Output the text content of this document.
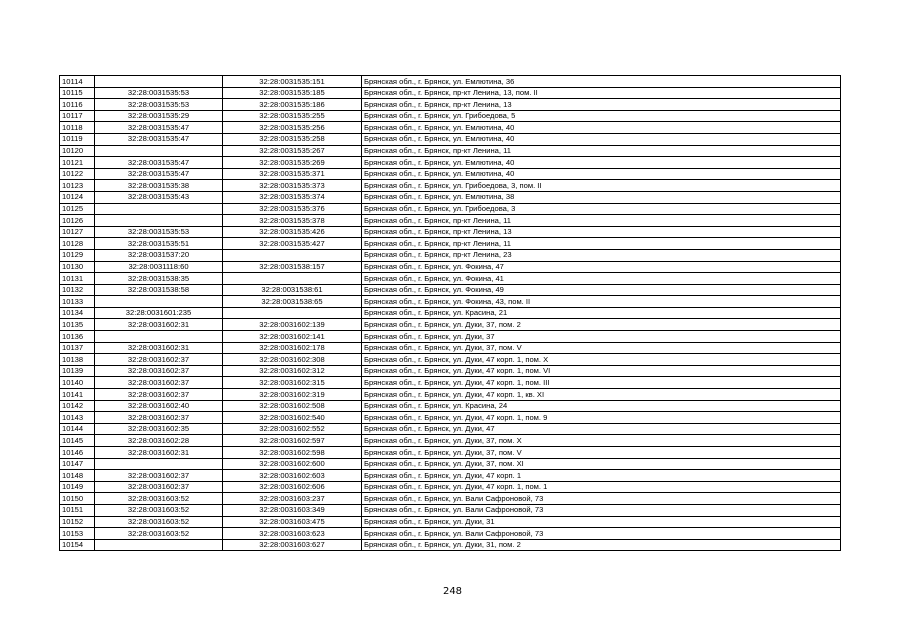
10114		32:28:0031535:151	Брянская обл., г. Брянск, ул. Емлютина, 36
10115	32:28:0031535:53	32:28:0031535:185	Брянская обл., г. Брянск, пр-кт Ленина, 13, пом. II
10116	32:28:0031535:53	32:28:0031535:186	Брянская обл., г. Брянск, пр-кт Ленина, 13
10117	32:28:0031535:29	32:28:0031535:255	Брянская обл., г. Брянск, ул. Грибоедова, 5
10118	32:28:0031535:47	32:28:0031535:256	Брянская обл., г. Брянск, ул. Емлютина, 40
10119	32:28:0031535:47	32:28:0031535:258	Брянская обл., г. Брянск, ул. Емлютина, 40
10120		32:28:0031535:267	Брянская обл., г. Брянск, пр-кт Ленина, 11
10121	32:28:0031535:47	32:28:0031535:269	Брянская обл., г. Брянск, ул. Емлютина, 40
10122	32:28:0031535:47	32:28:0031535:371	Брянская обл., г. Брянск, ул. Емлютина, 40
10123	32:28:0031535:38	32:28:0031535:373	Брянская обл., г. Брянск, ул. Грибоедова, 3, пом. II
10124	32:28:0031535:43	32:28:0031535:374	Брянская обл., г. Брянск, ул. Емлютина, 38
10125		32:28:0031535:376	Брянская обл., г. Брянск, ул. Грибоедова, 3
10126		32:28:0031535:378	Брянская обл., г. Брянск, пр-кт Ленина, 11
10127	32:28:0031535:53	32:28:0031535:426	Брянская обл., г. Брянск, пр-кт Ленина, 13
10128	32:28:0031535:51	32:28:0031535:427	Брянская обл., г. Брянск, пр-кт Ленина, 11
10129	32:28:0031537:20		Брянская обл., г. Брянск, пр-кт Ленина, 23
10130	32:28:0031118:60	32:28:0031538:157	Брянская обл., г. Брянск, ул. Фокина, 47
10131	32:28:0031538:35		Брянская обл., г. Брянск, ул. Фокина, 41
10132	32:28:0031538:58	32:28:0031538:61	Брянская обл., г. Брянск, ул. Фокина, 49
10133		32:28:0031538:65	Брянская обл., г. Брянск, ул. Фокина, 43, пом. II
10134	32:28:0031601:235		Брянская обл., г. Брянск, ул. Красина, 21
10135	32:28:0031602:31	32:28:0031602:139	Брянская обл., г. Брянск, ул. Дуки, 37, пом. 2
10136		32:28:0031602:141	Брянская обл., г. Брянск, ул. Дуки, 37
10137	32:28:0031602:31	32:28:0031602:178	Брянская обл., г. Брянск, ул. Дуки, 37, пом. V
10138	32:28:0031602:37	32:28:0031602:308	Брянская обл., г. Брянск, ул. Дуки, 47 корп. 1, пом. X
10139	32:28:0031602:37	32:28:0031602:312	Брянская обл., г. Брянск, ул. Дуки, 47 корп. 1, пом. VI
10140	32:28:0031602:37	32:28:0031602:315	Брянская обл., г. Брянск, ул. Дуки, 47 корп. 1, пом. III
10141	32:28:0031602:37	32:28:0031602:319	Брянская обл., г. Брянск, ул. Дуки, 47 корп. 1, кв. XI
10142	32:28:0031602:40	32:28:0031602:508	Брянская обл., г. Брянск, ул. Красина, 24
10143	32:28:0031602:37	32:28:0031602:540	Брянская обл., г. Брянск, ул. Дуки, 47 корп. 1, пом. 9
10144	32:28:0031602:35	32:28:0031602:552	Брянская обл., г. Брянск, ул. Дуки, 47
10145	32:28:0031602:28	32:28:0031602:597	Брянская обл., г. Брянск, ул. Дуки, 37, пом. X
10146	32:28:0031602:31	32:28:0031602:598	Брянская обл., г. Брянск, ул. Дуки, 37, пом. V
10147		32:28:0031602:600	Брянская обл., г. Брянск, ул. Дуки, 37, пом. XI
10148	32:28:0031602:37	32:28:0031602:603	Брянская обл., г. Брянск, ул. Дуки, 47 корп. 1
10149	32:28:0031602:37	32:28:0031602:606	Брянская обл., г. Брянск, ул. Дуки, 47 корп. 1, пом. 1
10150	32:28:0031603:52	32:28:0031603:237	Брянская обл., г. Брянск, ул. Вали Сафроновой, 73
10151	32:28:0031603:52	32:28:0031603:349	Брянская обл., г. Брянск, ул. Вали Сафроновой, 73
10152	32:28:0031603:52	32:28:0031603:475	Брянская обл., г. Брянск, ул. Дуки, 31
10153	32:28:0031603:52	32:28:0031603:623	Брянская обл., г. Брянск, ул. Вали Сафроновой, 73
10154		32:28:0031603:627	Брянская обл., г. Брянск, ул. Дуки, 31, пом. 2
248
